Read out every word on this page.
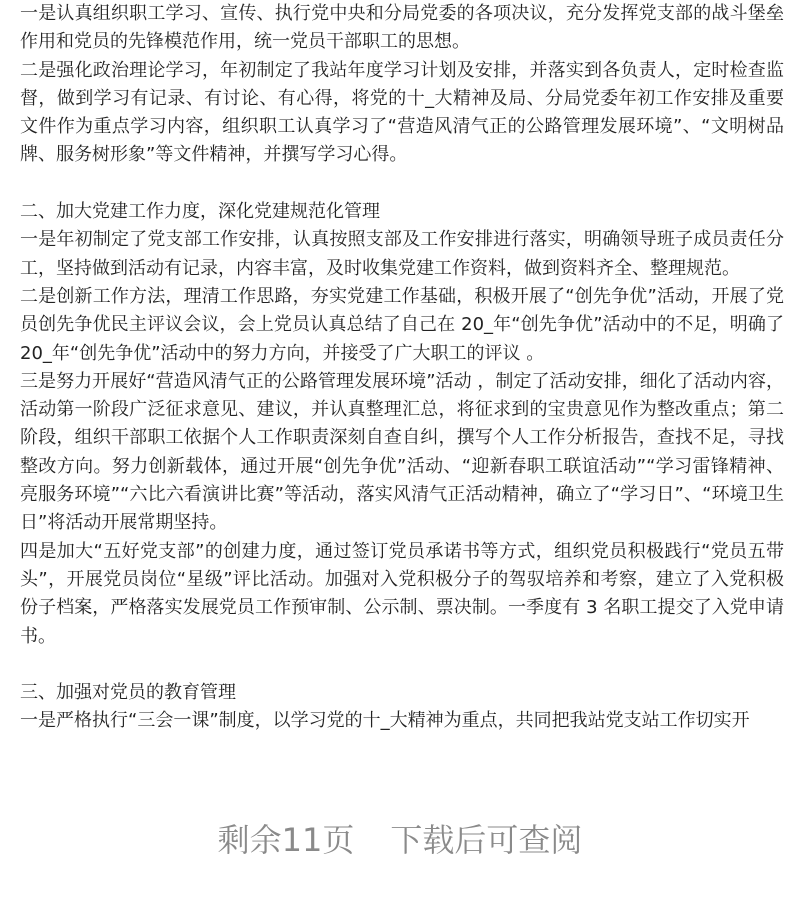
一是认真组织职工学习、宣传、执行党中央和分局党委的各项决议，充分发挥党支部的战斗堡垒作用和党员的先锋模范作用，统一党员干部职工的思想。

二是强化政治理论学习，年初制定了我站年度学习计划及安排，并落实到各负责人，定时检查监督，做到学习有记录、有讨论、有心得，将党的十_大精神及局、分局党委年初工作安排及重要文件作为重点学习内容，组织职工认真学习了“营造风清气正的公路管理发展环境”、“文明树品牌、服务树形象”等文件精神，并撰写学习心得。

二、加大党建工作力度，深化党建规范化管理

一是年初制定了党支部工作安排，认真按照支部及工作安排进行落实，明确领导班子成员责任分工，坚持做到活动有记录，内容丰富，及时收集党建工作资料，做到资料齐全、整理规范。

二是创新工作方法，理清工作思路，夯实党建工作基础，积极开展了“创先争优”活动，开展了党员创先争优民主评议会议，会上党员认真总结了自己在 20_年“创先争优”活动中的不足，明确了 20_年“创先争优”活动中的努力方向，并接受了广大职工的评议 。

三是努力开展好“营造风清气正的公路管理发展环境”活动 ，制定了活动安排，细化了活动内容，活动第一阶段广泛征求意见、建议，并认真整理汇总，将征求到的宝贵意见作为整改重点；第二阶段，组织干部职工依据个人工作职责深刻自查自纠，撰写个人工作分析报告，查找不足，寻找整改方向。努力创新载体，通过开展“创先争优”活动、“迎新春职工联谊活动”“学习雷锋精神、亮服务环境”“六比六看演讲比赛”等活动，落实风清气正活动精神，确立了“学习日”、“环境卫生日”将活动开展常期坚持。

四是加大“五好党支部”的创建力度，通过签订党员承诺书等方式，组织党员积极践行“党员五带头”，开展党员岗位“星级”评比活动。加强对入党积极分子的驾驭培养和考察，建立了入党积极份子档案，严格落实发展党员工作预审制、公示制、票决制。一季度有 3 名职工提交了入党申请书。

三、加强对党员的教育管理

一是严格执行“三会一课”制度，以学习党的十_大精神为重点，共同把我站党支站工作切实开

剩余11页 下载后可查阅
